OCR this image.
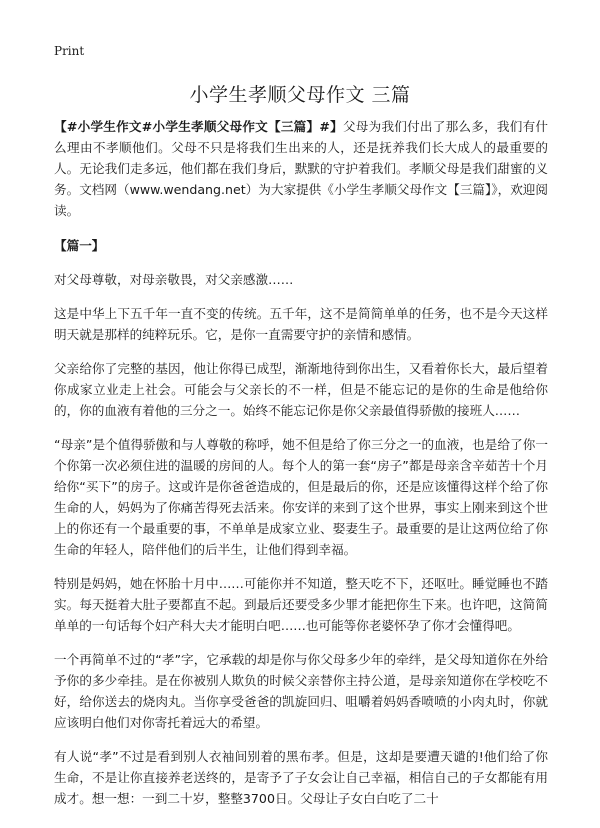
Print
小学生孝顺父母作文 三篇

【#小学生作文#小学生孝顺父母作文【三篇】#】父母为我们付出了那么多，我们有什么理由不孝顺他们。父母不只是将我们生出来的人，还是抚养我们长大成人的最重要的人。无论我们走多远，他们都在我们身后，默默的守护着我们。孝顺父母是我们甜蜜的义务。文档网（www.wendang.net）为大家提供《小学生孝顺父母作文【三篇】》，欢迎阅读。

【篇一】

对父母尊敬，对母亲敬畏，对父亲感激……

这是中华上下五千年一直不变的传统。五千年，这不是简简单单的任务，也不是今天这样明天就是那样的纯粹玩乐。它，是你一直需要守护的亲情和感情。

父亲给你了完整的基因，他让你得已成型，渐渐地待到你出生，又看着你长大，最后望着你成家立业走上社会。可能会与父亲长的不一样，但是不能忘记的是你的生命是他给你的，你的血液有着他的三分之一。始终不能忘记你是你父亲最值得骄傲的接班人……

“母亲”是个值得骄傲和与人尊敬的称呼，她不但是给了你三分之一的血液，也是给了你一个你第一次必须住进的温暖的房间的人。每个人的第一套“房子”都是母亲含辛茹苦十个月给你“买下”的房子。这或许是你爸爸造成的，但是最后的你，还是应该懂得这样个给了你生命的人，妈妈为了你痛苦得死去活来。你安详的来到了这个世界，事实上刚来到这个世上的你还有一个最重要的事，不单单是成家立业、娶妻生子。最重要的是让这两位给了你生命的年轻人，陪伴他们的后半生，让他们得到幸福。

特别是妈妈，她在怀胎十月中……可能你并不知道，整天吃不下，还呕吐。睡觉睡也不踏实。每天挺着大肚子要都直不起。到最后还要受多少罪才能把你生下来。也许吧，这简简单单的一句话每个妇产科大夫才能明白吧……也可能等你老婆怀孕了你才会懂得吧。

一个再简单不过的“孝”字，它承载的却是你与你父母多少年的牵绊，是父母知道你在外给予你的多少牵挂。是在你被别人欺负的时候父亲替你主持公道，是母亲知道你在学校吃不好，给你送去的烧肉丸。当你享受爸爸的凯旋回归、咀嚼着妈妈香喷喷的小肉丸时，你就应该明白他们对你寄托着远大的希望。

有人说“孝”不过是看到别人衣袖间别着的黑布孝。但是，这却是要遭天谴的!他们给了你生命，不是让你直接养老送终的，是寄予了子女会让自己幸福，相信自己的子女都能有用成才。想一想：一到二十岁，整整3700日。父母让子女白白吃了二十
